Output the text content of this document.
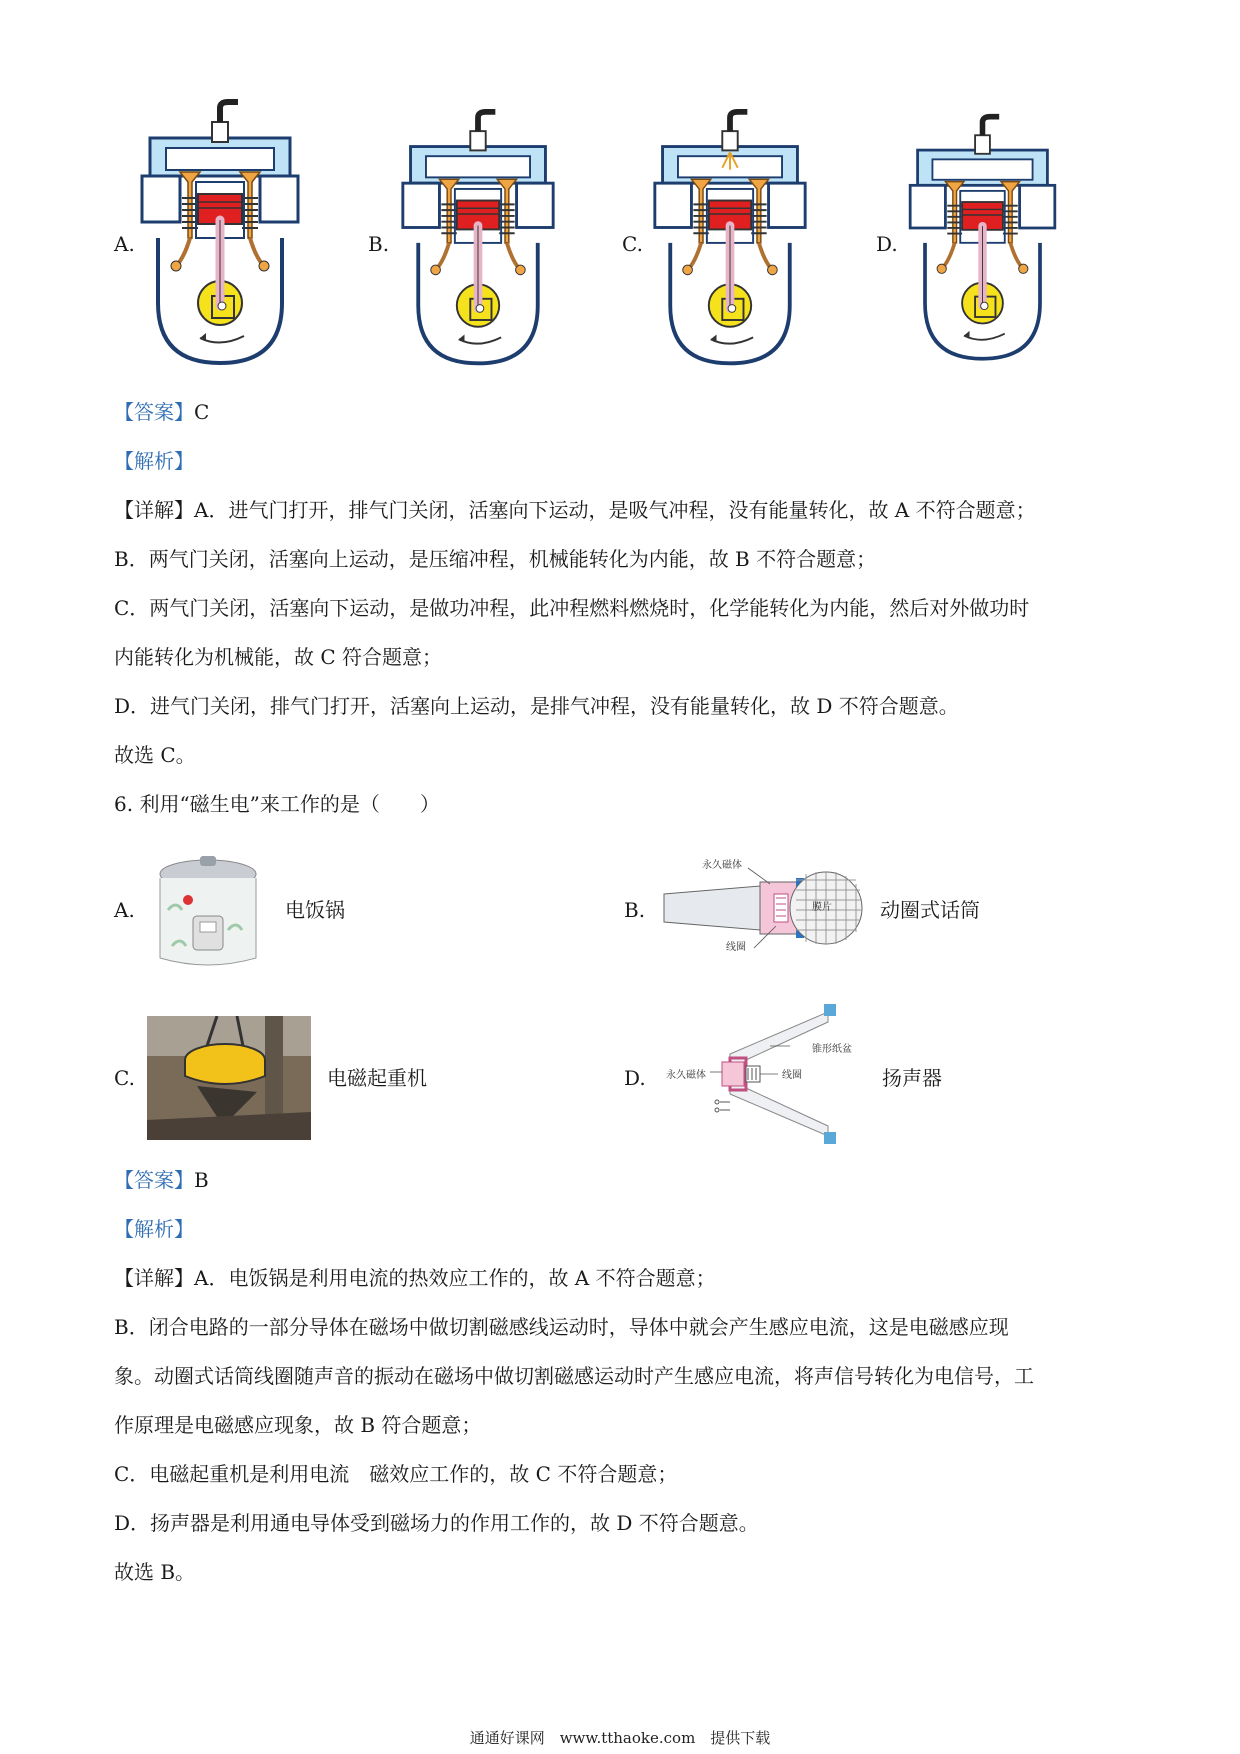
A.	B.	C.	D.
【答案】C
【解析】
【详解】A．进气门打开，排气门关闭，活塞向下运动，是吸气冲程，没有能量转化，故 A 不符合题意；
B．两气门关闭，活塞向上运动，是压缩冲程，机械能转化为内能，故 B 不符合题意；
C．两气门关闭，活塞向下运动，是做功冲程，此冲程燃料燃烧时，化学能转化为内能，然后对外做功时
内能转化为机械能，故 C 符合题意；
D．进气门关闭，排气门打开，活塞向上运动，是排气冲程，没有能量转化，故 D 不符合题意。
故选 C。
6. 利用“磁生电”来工作的是（　　）
A.	电饭锅	B.
永久磁体
膜片
线圈
动圈式话筒
C.	电磁起重机	D. 永久磁体
锥形纸盆
线圈	扬声器
【答案】B
【解析】
【详解】A．电饭锅是利用电流的热效应工作的，故 A 不符合题意；
B．闭合电路的一部分导体在磁场中做切割磁感线运动时，导体中就会产生感应电流，这是电磁感应现
象。动圈式话筒线圈随声音的振动在磁场中做切割磁感运动时产生感应电流，将声信号转化为电信号，工
作原理是电磁感应现象，故 B 符合题意；
C．电磁起重机是利用电流　磁效应工作的，故 C 不符合题意；
D．扬声器是利用通电导体受到磁场力的作用工作的，故 D 不符合题意。
故选 B。
通通好课网　www.tthaoke.com　提供下载
